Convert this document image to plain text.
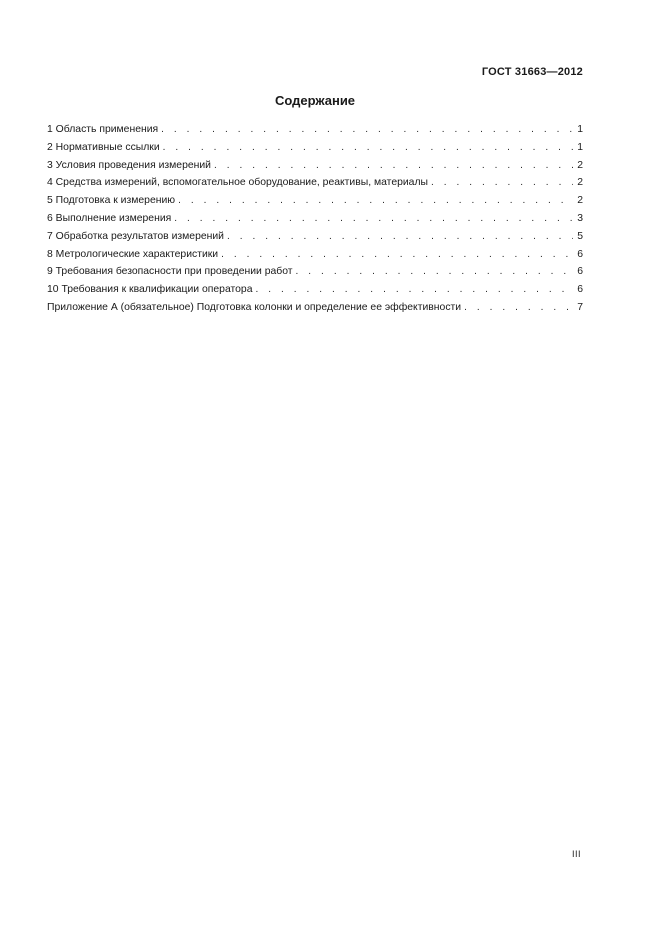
ГОСТ 31663—2012
Содержание
1 Область применения . . .	1
2 Нормативные ссылки . . .	1
3 Условия проведения измерений . . .	2
4 Средства измерений, вспомогательное оборудование, реактивы, материалы . . .	2
5 Подготовка к измерению . . .	2
6 Выполнение измерения . . .	3
7 Обработка результатов измерений . . .	5
8 Метрологические характеристики . . .	6
9 Требования безопасности при проведении работ . . .	6
10 Требования к квалификации оператора . . .	6
Приложение А (обязательное) Подготовка колонки и определение ее эффективности . . .	7
III
